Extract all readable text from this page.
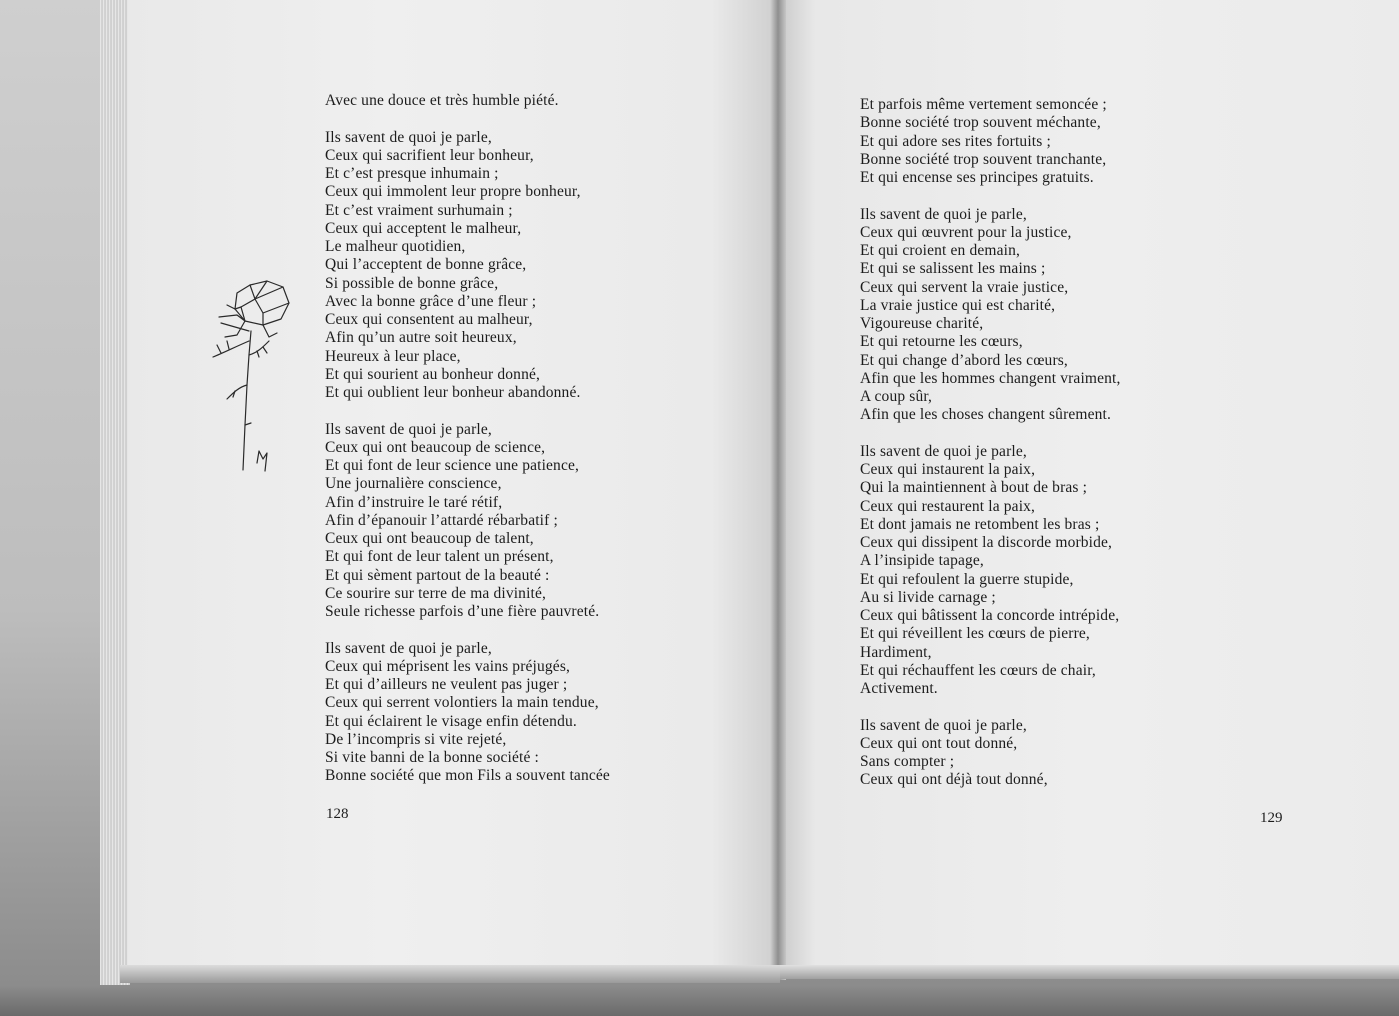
Avec une douce et très humble piété.
Ils savent de quoi je parle,
Ceux qui sacrifient leur bonheur,
Et c’est presque inhumain ;
Ceux qui immolent leur propre bonheur,
Et c’est vraiment surhumain ;
Ceux qui acceptent le malheur,
Le malheur quotidien,
Qui l’acceptent de bonne grâce,
Si possible de bonne grâce,
Avec la bonne grâce d’une fleur ;
Ceux qui consentent au malheur,
Afin qu’un autre soit heureux,
Heureux à leur place,
Et qui sourient au bonheur donné,
Et qui oublient leur bonheur abandonné.
Ils savent de quoi je parle,
Ceux qui ont beaucoup de science,
Et qui font de leur science une patience,
Une journalière conscience,
Afin d’instruire le taré rétif,
Afin d’épanouir l’attardé rébarbatif ;
Ceux qui ont beaucoup de talent,
Et qui font de leur talent un présent,
Et qui sèment partout de la beauté :
Ce sourire sur terre de ma divinité,
Seule richesse parfois d’une fière pauvreté.
Ils savent de quoi je parle,
Ceux qui méprisent les vains préjugés,
Et qui d’ailleurs ne veulent pas juger ;
Ceux qui serrent volontiers la main tendue,
Et qui éclairent le visage enfin détendu.
De l’incompris si vite rejeté,
Si vite banni de la bonne société :
Bonne société que mon Fils a souvent tancée
Et parfois même vertement semoncée ;
Bonne société trop souvent méchante,
Et qui adore ses rites fortuits ;
Bonne société trop souvent tranchante,
Et qui encense ses principes gratuits.
Ils savent de quoi je parle,
Ceux qui œuvrent pour la justice,
Et qui croient en demain,
Et qui se salissent les mains ;
Ceux qui servent la vraie justice,
La vraie justice qui est charité,
Vigoureuse charité,
Et qui retourne les cœurs,
Et qui change d’abord les cœurs,
Afin que les hommes changent vraiment,
A coup sûr,
Afin que les choses changent sûrement.
Ils savent de quoi je parle,
Ceux qui instaurent la paix,
Qui la maintiennent à bout de bras ;
Ceux qui restaurent la paix,
Et dont jamais ne retombent les bras ;
Ceux qui dissipent la discorde morbide,
A l’insipide tapage,
Et qui refoulent la guerre stupide,
Au si livide carnage ;
Ceux qui bâtissent la concorde intrépide,
Et qui réveillent les cœurs de pierre,
Hardiment,
Et qui réchauffent les cœurs de chair,
Activement.
Ils savent de quoi je parle,
Ceux qui ont tout donné,
Sans compter ;
Ceux qui ont déjà tout donné,
128	129
